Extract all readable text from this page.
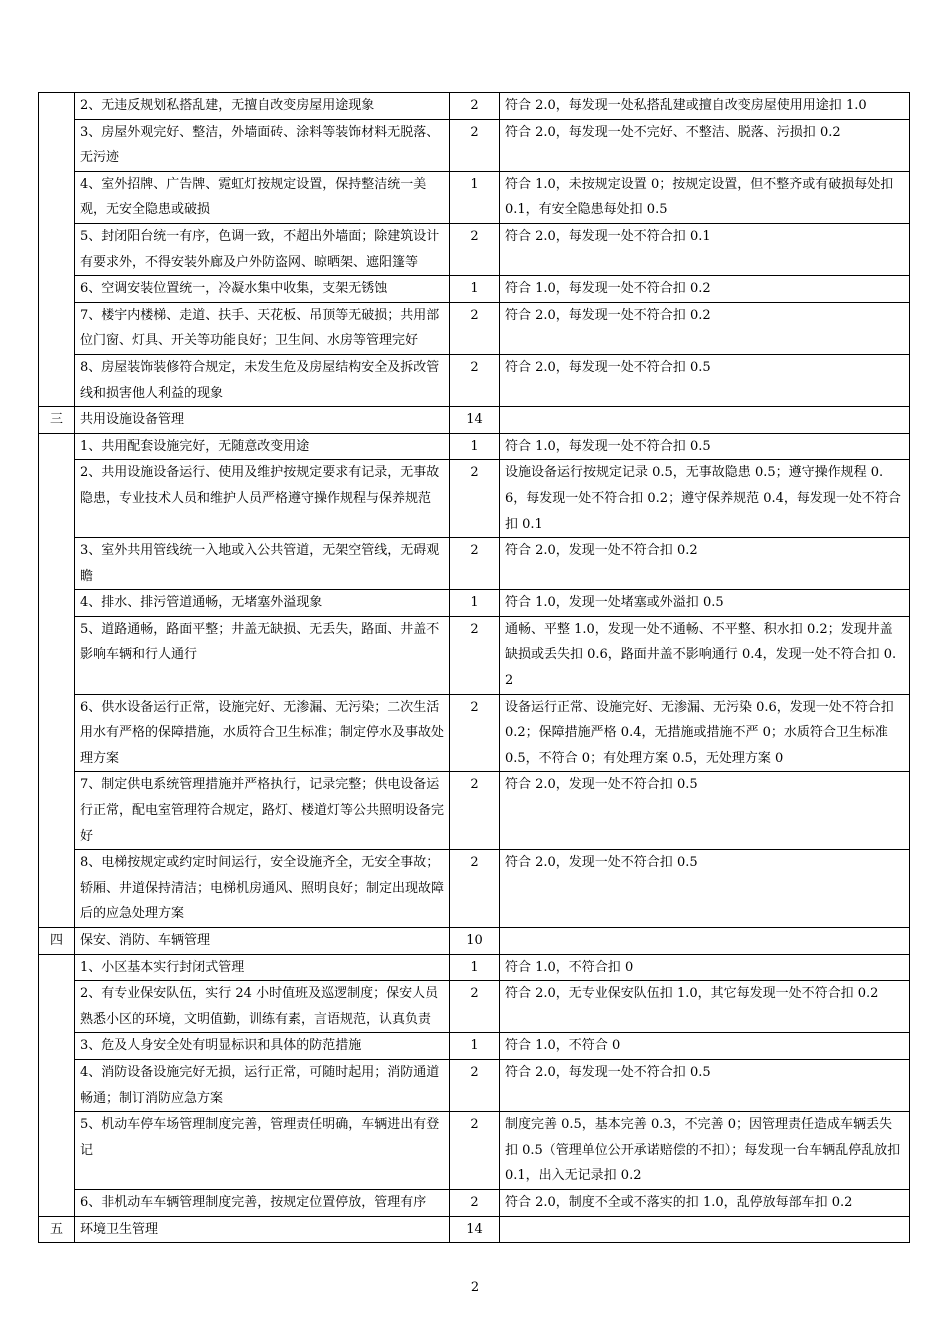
	2、无违反规划私搭乱建，无擅自改变房屋用途现象	2	符合 2.0，每发现一处私搭乱建或擅自改变房屋使用用途扣 1.0
	3、房屋外观完好、整洁，外墙面砖、涂料等装饰材料无脱落、无污迹	2	符合 2.0，每发现一处不完好、不整洁、脱落、污损扣 0.2
	4、室外招牌、广告牌、霓虹灯按规定设置，保持整洁统一美观，无安全隐患或破损	1	符合 1.0，未按规定设置 0；按规定设置，但不整齐或有破损每处扣 0.1，有安全隐患每处扣 0.5
	5、封闭阳台统一有序，色调一致，不超出外墙面；除建筑设计有要求外，不得安装外廊及户外防盗网、晾晒架、遮阳篷等	2	符合 2.0，每发现一处不符合扣 0.1
	6、空调安装位置统一，冷凝水集中收集，支架无锈蚀	1	符合 1.0，每发现一处不符合扣 0.2
	7、楼宇内楼梯、走道、扶手、天花板、吊顶等无破损；共用部位门窗、灯具、开关等功能良好；卫生间、水房等管理完好	2	符合 2.0，每发现一处不符合扣 0.2
	8、房屋装饰装修符合规定，未发生危及房屋结构安全及拆改管线和损害他人利益的现象	2	符合 2.0，每发现一处不符合扣 0.5
三	共用设施设备管理	14	
	1、共用配套设施完好，无随意改变用途	1	符合 1.0，每发现一处不符合扣 0.5
	2、共用设施设备运行、使用及维护按规定要求有记录，无事故隐患，专业技术人员和维护人员严格遵守操作规程与保养规范	2	设施设备运行按规定记录 0.5，无事故隐患 0.5；遵守操作规程 0.6，每发现一处不符合扣 0.2；遵守保养规范 0.4，每发现一处不符合扣 0.1
	3、室外共用管线统一入地或入公共管道，无架空管线，无碍观瞻	2	符合 2.0，发现一处不符合扣 0.2
	4、排水、排污管道通畅，无堵塞外溢现象	1	符合 1.0，发现一处堵塞或外溢扣 0.5
	5、道路通畅，路面平整；井盖无缺损、无丢失，路面、井盖不影响车辆和行人通行	2	通畅、平整 1.0，发现一处不通畅、不平整、积水扣 0.2；发现井盖缺损或丢失扣 0.6，路面井盖不影响通行 0.4，发现一处不符合扣 0.2
	6、供水设备运行正常，设施完好、无渗漏、无污染；二次生活用水有严格的保障措施，水质符合卫生标准；制定停水及事故处理方案	2	设备运行正常、设施完好、无渗漏、无污染 0.6，发现一处不符合扣 0.2；保障措施严格 0.4，无措施或措施不严 0；水质符合卫生标准 0.5，不符合 0；有处理方案 0.5，无处理方案 0
	7、制定供电系统管理措施并严格执行，记录完整；供电设备运行正常，配电室管理符合规定，路灯、楼道灯等公共照明设备完好	2	符合 2.0，发现一处不符合扣 0.5
	8、电梯按规定或约定时间运行，安全设施齐全，无安全事故；轿厢、井道保持清洁；电梯机房通风、照明良好；制定出现故障后的应急处理方案	2	符合 2.0，发现一处不符合扣 0.5
四	保安、消防、车辆管理	10	
	1、小区基本实行封闭式管理	1	符合 1.0，不符合扣 0
	2、有专业保安队伍，实行 24 小时值班及巡逻制度；保安人员熟悉小区的环境，文明值勤，训练有素，言语规范，认真负责	2	符合 2.0，无专业保安队伍扣 1.0，其它每发现一处不符合扣 0.2
	3、危及人身安全处有明显标识和具体的防范措施	1	符合 1.0，不符合 0
	4、消防设备设施完好无损，运行正常，可随时起用；消防通道畅通；制订消防应急方案	2	符合 2.0，每发现一处不符合扣 0.5
	5、机动车停车场管理制度完善，管理责任明确，车辆进出有登记	2	制度完善 0.5，基本完善 0.3，不完善 0；因管理责任造成车辆丢失扣 0.5（管理单位公开承诺赔偿的不扣）；每发现一台车辆乱停乱放扣 0.1，出入无记录扣 0.2
	6、非机动车车辆管理制度完善，按规定位置停放，管理有序	2	符合 2.0，制度不全或不落实的扣 1.0，乱停放每部车扣 0.2
五	环境卫生管理	14	
2
